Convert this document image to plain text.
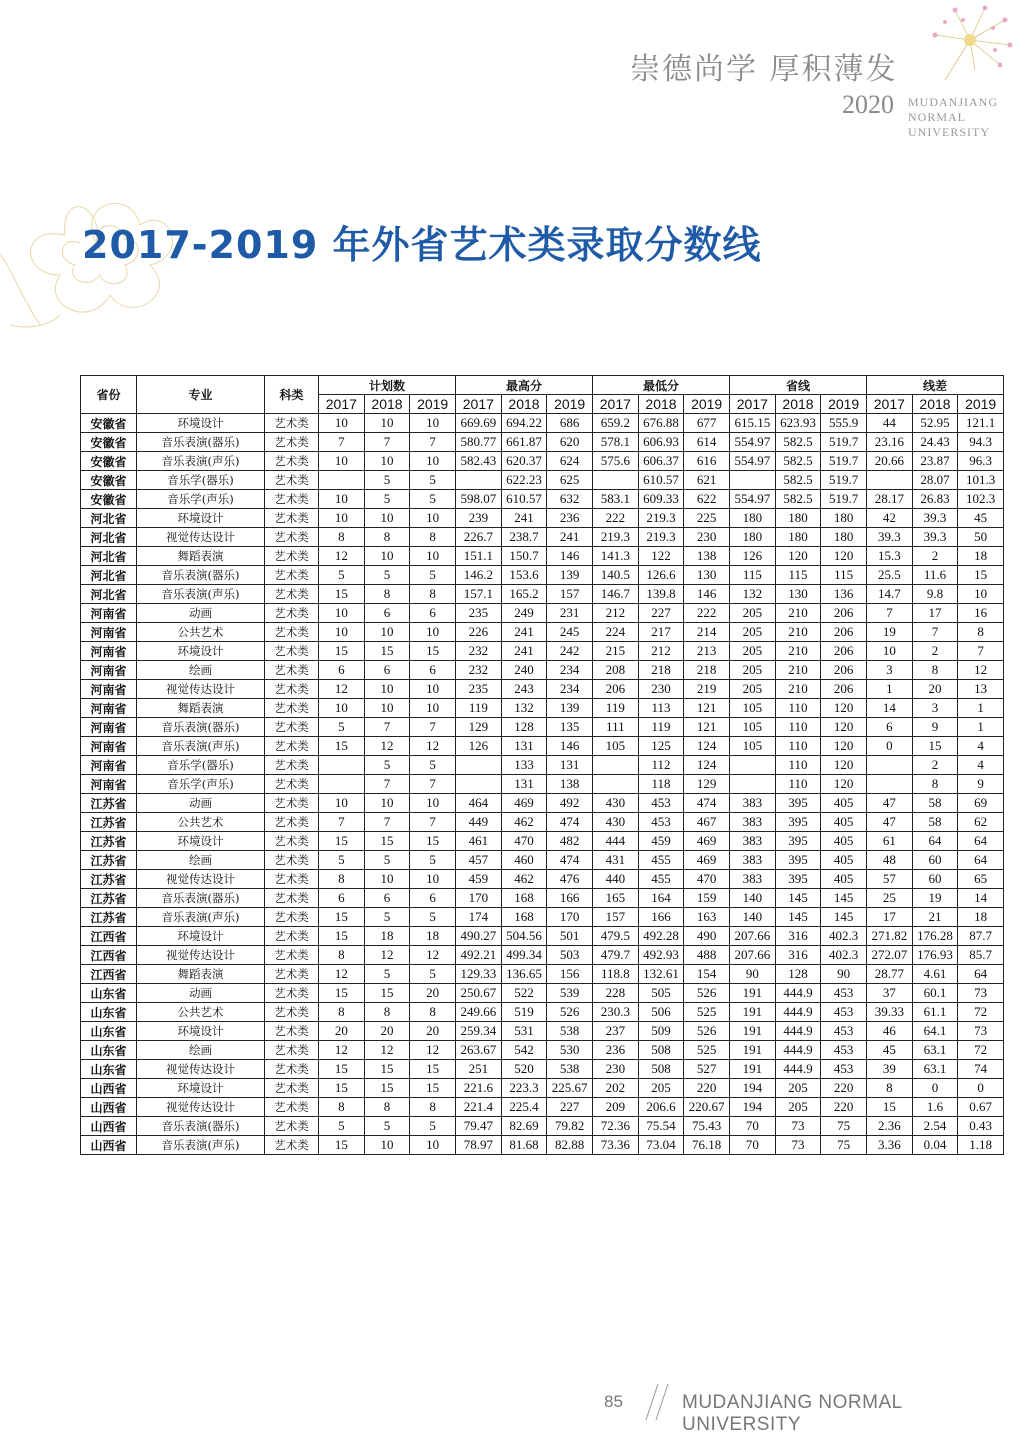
崇德尚学 厚积薄发
2020 MUDANJIANG
NORMAL
UNIVERSITY
2017-2019 年外省艺术类录取分数线
省份	专业	科类	计划数			最高分			最低分			省线			线差		
			2017	2018	2019	2017	2018	2019	2017	2018	2019	2017	2018	2019	2017	2018	2019
安徽省	环境设计	艺术类	10	10	10	669.69	694.22	686	659.2	676.88	677	615.15	623.93	555.9	44	52.95	121.1
安徽省	音乐表演(器乐)	艺术类	7	7	7	580.77	661.87	620	578.1	606.93	614	554.97	582.5	519.7	23.16	24.43	94.3
安徽省	音乐表演(声乐)	艺术类	10	10	10	582.43	620.37	624	575.6	606.37	616	554.97	582.5	519.7	20.66	23.87	96.3
安徽省	音乐学(器乐)	艺术类		5	5		622.23	625		610.57	621		582.5	519.7		28.07	101.3
安徽省	音乐学(声乐)	艺术类	10	5	5	598.07	610.57	632	583.1	609.33	622	554.97	582.5	519.7	28.17	26.83	102.3
河北省	环境设计	艺术类	10	10	10	239	241	236	222	219.3	225	180	180	180	42	39.3	45
河北省	视觉传达设计	艺术类	8	8	8	226.7	238.7	241	219.3	219.3	230	180	180	180	39.3	39.3	50
河北省	舞蹈表演	艺术类	12	10	10	151.1	150.7	146	141.3	122	138	126	120	120	15.3	2	18
河北省	音乐表演(器乐)	艺术类	5	5	5	146.2	153.6	139	140.5	126.6	130	115	115	115	25.5	11.6	15
河北省	音乐表演(声乐)	艺术类	15	8	8	157.1	165.2	157	146.7	139.8	146	132	130	136	14.7	9.8	10
河南省	动画	艺术类	10	6	6	235	249	231	212	227	222	205	210	206	7	17	16
河南省	公共艺术	艺术类	10	10	10	226	241	245	224	217	214	205	210	206	19	7	8
河南省	环境设计	艺术类	15	15	15	232	241	242	215	212	213	205	210	206	10	2	7
河南省	绘画	艺术类	6	6	6	232	240	234	208	218	218	205	210	206	3	8	12
河南省	视觉传达设计	艺术类	12	10	10	235	243	234	206	230	219	205	210	206	1	20	13
河南省	舞蹈表演	艺术类	10	10	10	119	132	139	119	113	121	105	110	120	14	3	1
河南省	音乐表演(器乐)	艺术类	5	7	7	129	128	135	111	119	121	105	110	120	6	9	1
河南省	音乐表演(声乐)	艺术类	15	12	12	126	131	146	105	125	124	105	110	120	0	15	4
河南省	音乐学(器乐)	艺术类		5	5		133	131		112	124		110	120		2	4
河南省	音乐学(声乐)	艺术类		7	7		131	138		118	129		110	120		8	9
江苏省	动画	艺术类	10	10	10	464	469	492	430	453	474	383	395	405	47	58	69
江苏省	公共艺术	艺术类	7	7	7	449	462	474	430	453	467	383	395	405	47	58	62
江苏省	环境设计	艺术类	15	15	15	461	470	482	444	459	469	383	395	405	61	64	64
江苏省	绘画	艺术类	5	5	5	457	460	474	431	455	469	383	395	405	48	60	64
江苏省	视觉传达设计	艺术类	8	10	10	459	462	476	440	455	470	383	395	405	57	60	65
江苏省	音乐表演(器乐)	艺术类	6	6	6	170	168	166	165	164	159	140	145	145	25	19	14
江苏省	音乐表演(声乐)	艺术类	15	5	5	174	168	170	157	166	163	140	145	145	17	21	18
江西省	环境设计	艺术类	15	18	18	490.27	504.56	501	479.5	492.28	490	207.66	316	402.3	271.82	176.28	87.7
江西省	视觉传达设计	艺术类	8	12	12	492.21	499.34	503	479.7	492.93	488	207.66	316	402.3	272.07	176.93	85.7
江西省	舞蹈表演	艺术类	12	5	5	129.33	136.65	156	118.8	132.61	154	90	128	90	28.77	4.61	64
山东省	动画	艺术类	15	15	20	250.67	522	539	228	505	526	191	444.9	453	37	60.1	73
山东省	公共艺术	艺术类	8	8	8	249.66	519	526	230.3	506	525	191	444.9	453	39.33	61.1	72
山东省	环境设计	艺术类	20	20	20	259.34	531	538	237	509	526	191	444.9	453	46	64.1	73
山东省	绘画	艺术类	12	12	12	263.67	542	530	236	508	525	191	444.9	453	45	63.1	72
山东省	视觉传达设计	艺术类	15	15	15	251	520	538	230	508	527	191	444.9	453	39	63.1	74
山西省	环境设计	艺术类	15	15	15	221.6	223.3	225.67	202	205	220	194	205	220	8	0	0
山西省	视觉传达设计	艺术类	8	8	8	221.4	225.4	227	209	206.6	220.67	194	205	220	15	1.6	0.67
山西省	音乐表演(器乐)	艺术类	5	5	5	79.47	82.69	79.82	72.36	75.54	75.43	70	73	75	2.36	2.54	0.43
山西省	音乐表演(声乐)	艺术类	15	10	10	78.97	81.68	82.88	73.36	73.04	76.18	70	73	75	3.36	0.04	1.18
85	MUDANJIANG NORMAL UNIVERSITY
